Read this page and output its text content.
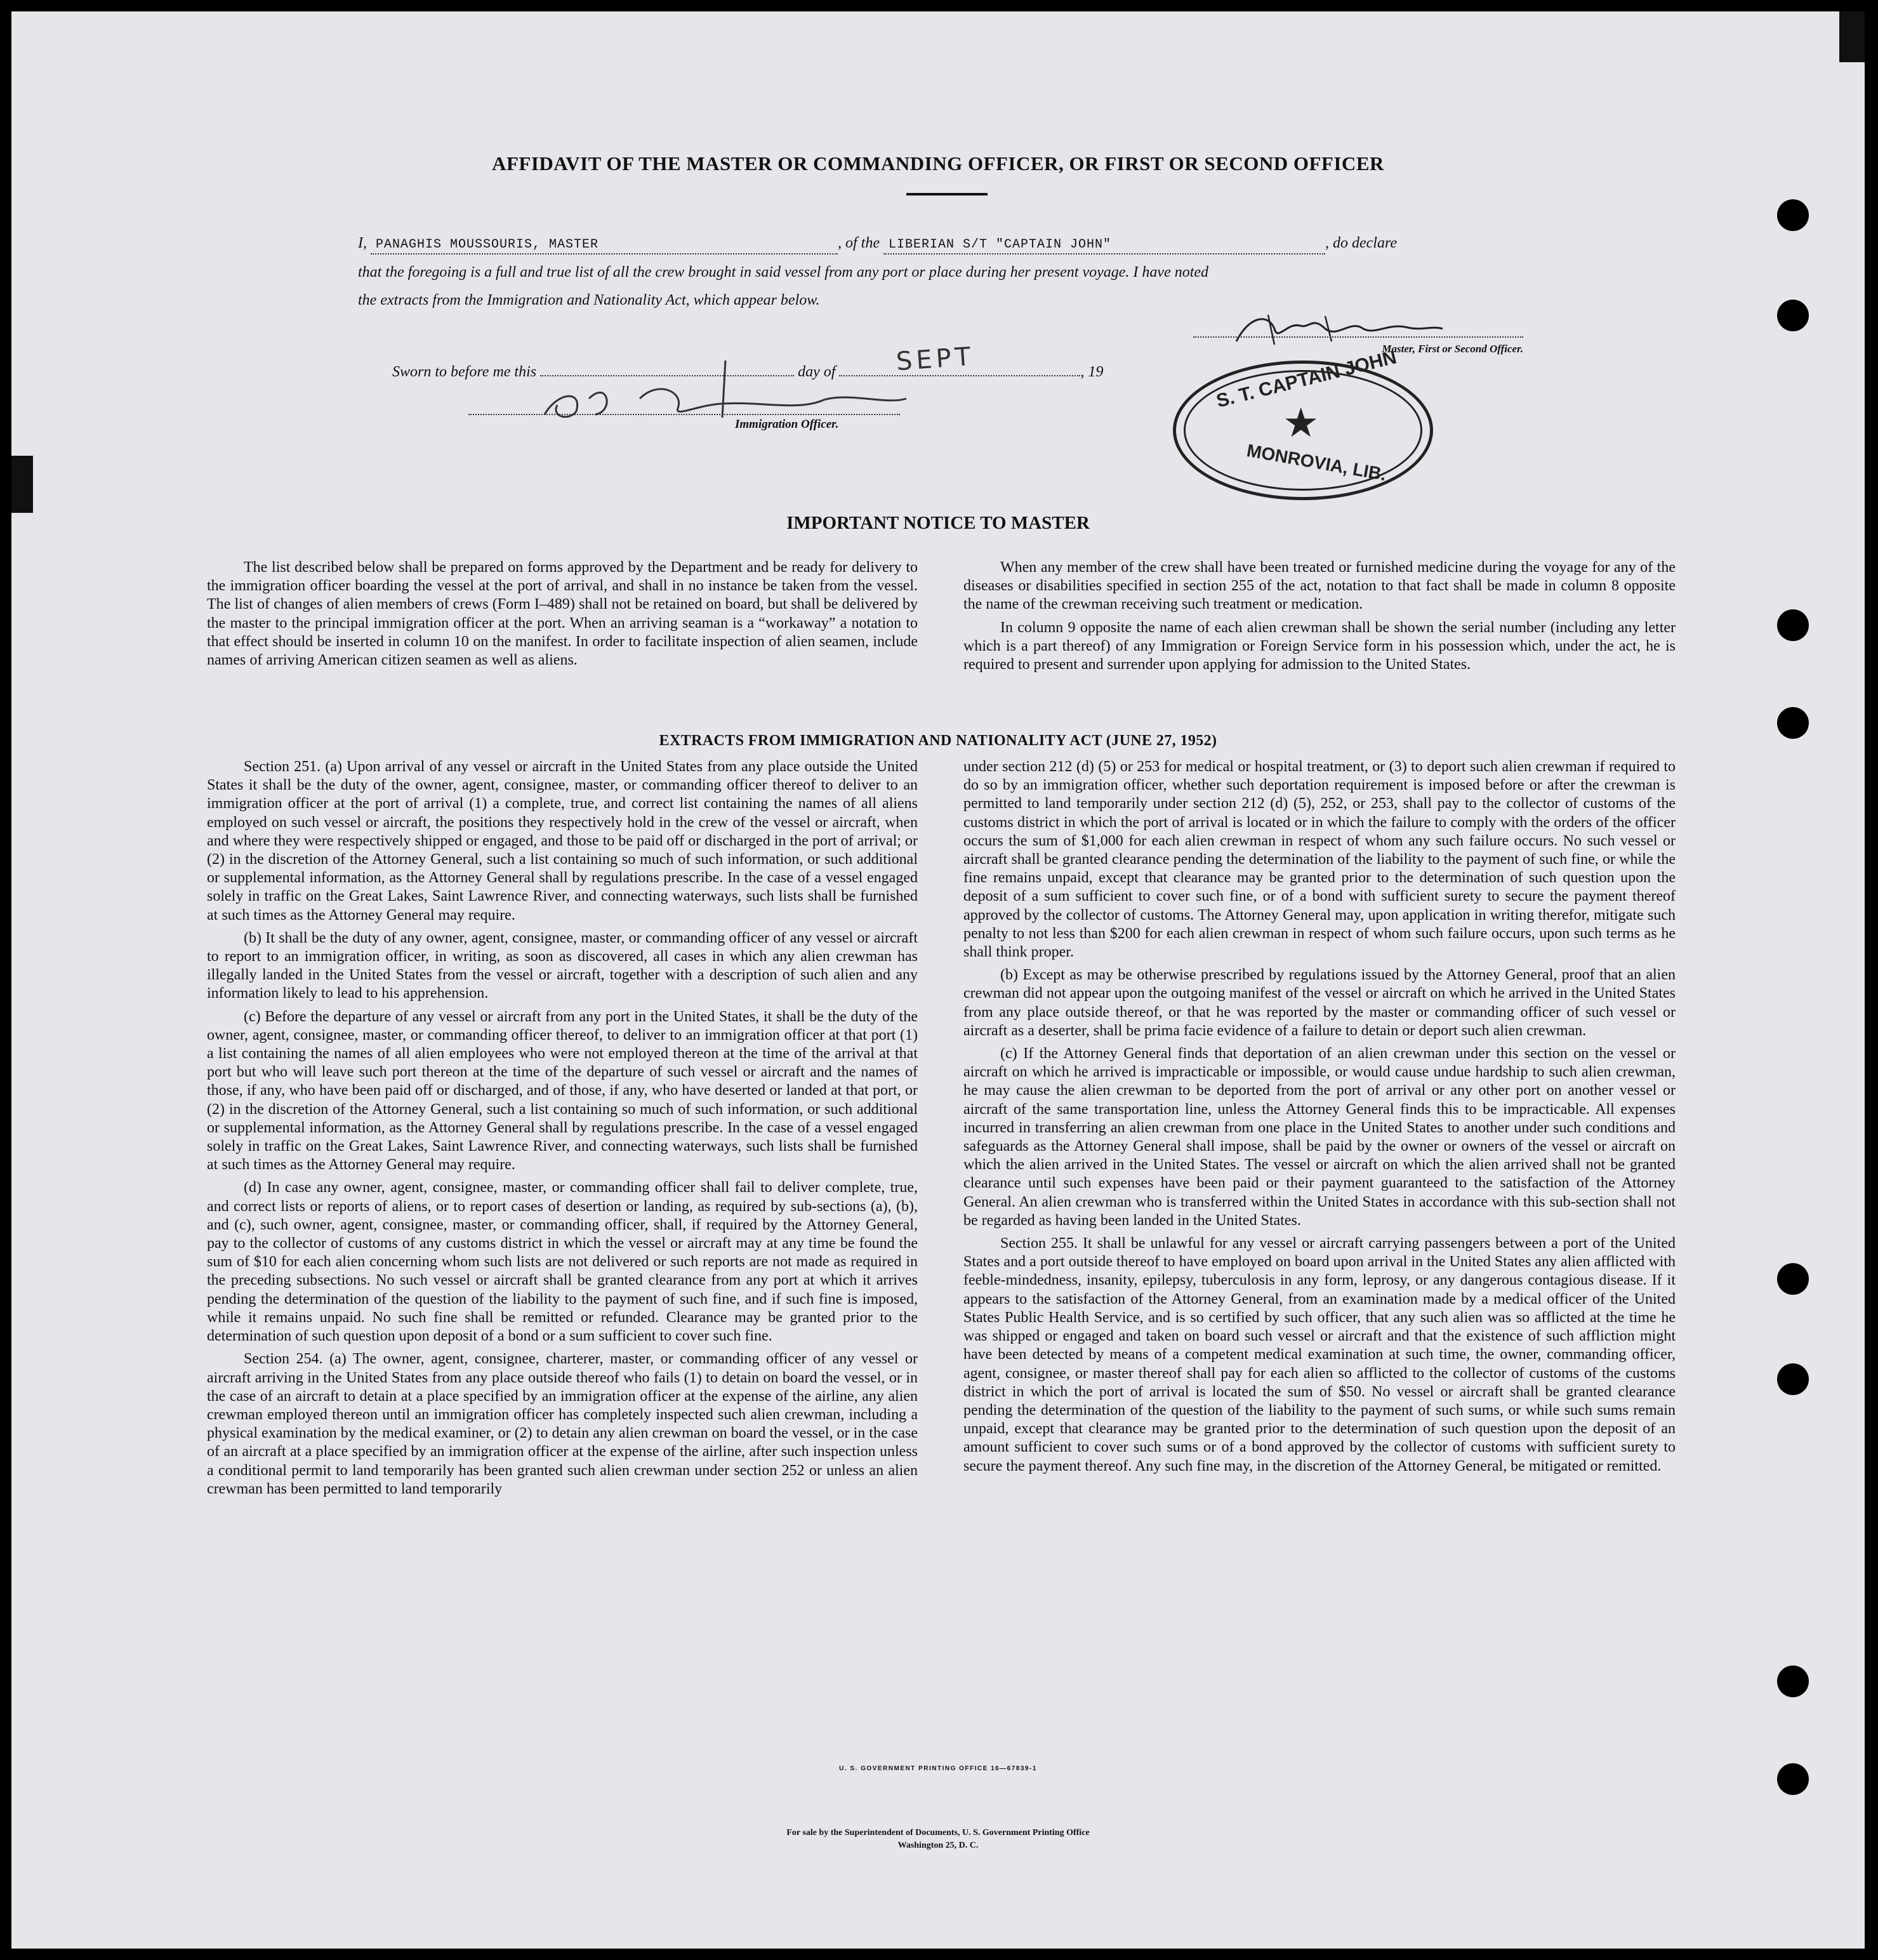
AFFIDAVIT OF THE MASTER OR COMMANDING OFFICER, OR FIRST OR SECOND OFFICER
I, PANAGHIS MOUSSOURIS, MASTER	, of the LIBERIAN S/T "CAPTAIN JOHN"	, do declare
that the foregoing is a full and true list of all the crew brought in said vessel from any port or place during her present voyage. I have noted
the extracts from the Immigration and Nationality Act, which appear below.
Master, First or Second Officer.
Sworn to before me this	day of SEPT	, 19
Immigration Officer.
S. T. CAPTAIN JOHN
★
MONROVIA, LIB.
IMPORTANT NOTICE TO MASTER

The list described below shall be prepared on forms approved by the Department and be ready for delivery to the immigration officer boarding the vessel at the port of arrival, and shall in no instance be taken from the vessel. The list of changes of alien members of crews (Form I–489) shall not be retained on board, but shall be delivered by the master to the principal immigration officer at the port. When an arriving seaman is a “workaway” a notation to that effect should be inserted in column 10 on the manifest. In order to facilitate inspection of alien seamen, include names of arriving American citizen seamen as well as aliens.

When any member of the crew shall have been treated or furnished medicine during the voyage for any of the diseases or disabilities specified in section 255 of the act, notation to that fact shall be made in column 8 opposite the name of the crewman receiving such treatment or medication.

In column 9 opposite the name of each alien crewman shall be shown the serial number (including any letter which is a part thereof) of any Immigration or Foreign Service form in his possession which, under the act, he is required to present and surrender upon applying for admission to the United States.

EXTRACTS FROM IMMIGRATION AND NATIONALITY ACT (JUNE 27, 1952)

Section 251. (a) Upon arrival of any vessel or aircraft in the United States from any place outside the United States it shall be the duty of the owner, agent, consignee, master, or commanding officer thereof to deliver to an immigration officer at the port of arrival (1) a complete, true, and correct list containing the names of all aliens employed on such vessel or aircraft, the positions they respectively hold in the crew of the vessel or aircraft, when and where they were respectively shipped or engaged, and those to be paid off or discharged in the port of arrival; or (2) in the discretion of the Attorney General, such a list containing so much of such information, or such additional or supplemental information, as the Attorney General shall by regulations prescribe. In the case of a vessel engaged solely in traffic on the Great Lakes, Saint Lawrence River, and connecting waterways, such lists shall be furnished at such times as the Attorney General may require.

(b) It shall be the duty of any owner, agent, consignee, master, or commanding officer of any vessel or aircraft to report to an immigration officer, in writing, as soon as discovered, all cases in which any alien crewman has illegally landed in the United States from the vessel or aircraft, together with a description of such alien and any information likely to lead to his apprehension.

(c) Before the departure of any vessel or aircraft from any port in the United States, it shall be the duty of the owner, agent, consignee, master, or commanding officer thereof, to deliver to an immigration officer at that port (1) a list containing the names of all alien employees who were not employed thereon at the time of the arrival at that port but who will leave such port thereon at the time of the departure of such vessel or aircraft and the names of those, if any, who have been paid off or discharged, and of those, if any, who have deserted or landed at that port, or (2) in the discretion of the Attorney General, such a list containing so much of such information, or such additional or supplemental information, as the Attorney General shall by regulations prescribe. In the case of a vessel engaged solely in traffic on the Great Lakes, Saint Lawrence River, and connecting waterways, such lists shall be furnished at such times as the Attorney General may require.

(d) In case any owner, agent, consignee, master, or commanding officer shall fail to deliver complete, true, and correct lists or reports of aliens, or to report cases of desertion or landing, as required by sub-sections (a), (b), and (c), such owner, agent, consignee, master, or commanding officer, shall, if required by the Attorney General, pay to the collector of customs of any customs district in which the vessel or aircraft may at any time be found the sum of $10 for each alien concerning whom such lists are not delivered or such reports are not made as required in the preceding subsections. No such vessel or aircraft shall be granted clearance from any port at which it arrives pending the determination of the question of the liability to the payment of such fine, and if such fine is imposed, while it remains unpaid. No such fine shall be remitted or refunded. Clearance may be granted prior to the determination of such question upon deposit of a bond or a sum sufficient to cover such fine.

Section 254. (a) The owner, agent, consignee, charterer, master, or commanding officer of any vessel or aircraft arriving in the United States from any place outside thereof who fails (1) to detain on board the vessel, or in the case of an aircraft to detain at a place specified by an immigration officer at the expense of the airline, any alien crewman employed thereon until an immigration officer has completely inspected such alien crewman, including a physical examination by the medical examiner, or (2) to detain any alien crewman on board the vessel, or in the case of an aircraft at a place specified by an immigration officer at the expense of the airline, after such inspection unless a conditional permit to land temporarily has been granted such alien crewman under section 252 or unless an alien crewman has been permitted to land temporarily

under section 212 (d) (5) or 253 for medical or hospital treatment, or (3) to deport such alien crewman if required to do so by an immigration officer, whether such deportation requirement is imposed before or after the crewman is permitted to land temporarily under section 212 (d) (5), 252, or 253, shall pay to the collector of customs of the customs district in which the port of arrival is located or in which the failure to comply with the orders of the officer occurs the sum of $1,000 for each alien crewman in respect of whom any such failure occurs. No such vessel or aircraft shall be granted clearance pending the determination of the liability to the payment of such fine, or while the fine remains unpaid, except that clearance may be granted prior to the determination of such question upon the deposit of a sum sufficient to cover such fine, or of a bond with sufficient surety to secure the payment thereof approved by the collector of customs. The Attorney General may, upon application in writing therefor, mitigate such penalty to not less than $200 for each alien crewman in respect of whom such failure occurs, upon such terms as he shall think proper.

(b) Except as may be otherwise prescribed by regulations issued by the Attorney General, proof that an alien crewman did not appear upon the outgoing manifest of the vessel or aircraft on which he arrived in the United States from any place outside thereof, or that he was reported by the master or commanding officer of such vessel or aircraft as a deserter, shall be prima facie evidence of a failure to detain or deport such alien crewman.

(c) If the Attorney General finds that deportation of an alien crewman under this section on the vessel or aircraft on which he arrived is impracticable or impossible, or would cause undue hardship to such alien crewman, he may cause the alien crewman to be deported from the port of arrival or any other port on another vessel or aircraft of the same transportation line, unless the Attorney General finds this to be impracticable. All expenses incurred in transferring an alien crewman from one place in the United States to another under such conditions and safeguards as the Attorney General shall impose, shall be paid by the owner or owners of the vessel or aircraft on which the alien arrived in the United States. The vessel or aircraft on which the alien arrived shall not be granted clearance until such expenses have been paid or their payment guaranteed to the satisfaction of the Attorney General. An alien crewman who is transferred within the United States in accordance with this sub-section shall not be regarded as having been landed in the United States.

Section 255. It shall be unlawful for any vessel or aircraft carrying passengers between a port of the United States and a port outside thereof to have employed on board upon arrival in the United States any alien afflicted with feeble-mindedness, insanity, epilepsy, tuberculosis in any form, leprosy, or any dangerous contagious disease. If it appears to the satisfaction of the Attorney General, from an examination made by a medical officer of the United States Public Health Service, and is so certified by such officer, that any such alien was so afflicted at the time he was shipped or engaged and taken on board such vessel or aircraft and that the existence of such affliction might have been detected by means of a competent medical examination at such time, the owner, commanding officer, agent, consignee, or master thereof shall pay for each alien so afflicted to the collector of customs of the customs district in which the port of arrival is located the sum of $50. No vessel or aircraft shall be granted clearance pending the determination of the question of the liability to the payment of such sums, or while such sums remain unpaid, except that clearance may be granted prior to the determination of such question upon the deposit of an amount sufficient to cover such sums or of a bond approved by the collector of customs with sufficient surety to secure the payment thereof. Any such fine may, in the discretion of the Attorney General, be mitigated or remitted.

U. S. GOVERNMENT PRINTING OFFICE 16—67839-1
For sale by the Superintendent of Documents, U. S. Government Printing Office
Washington 25, D. C.
